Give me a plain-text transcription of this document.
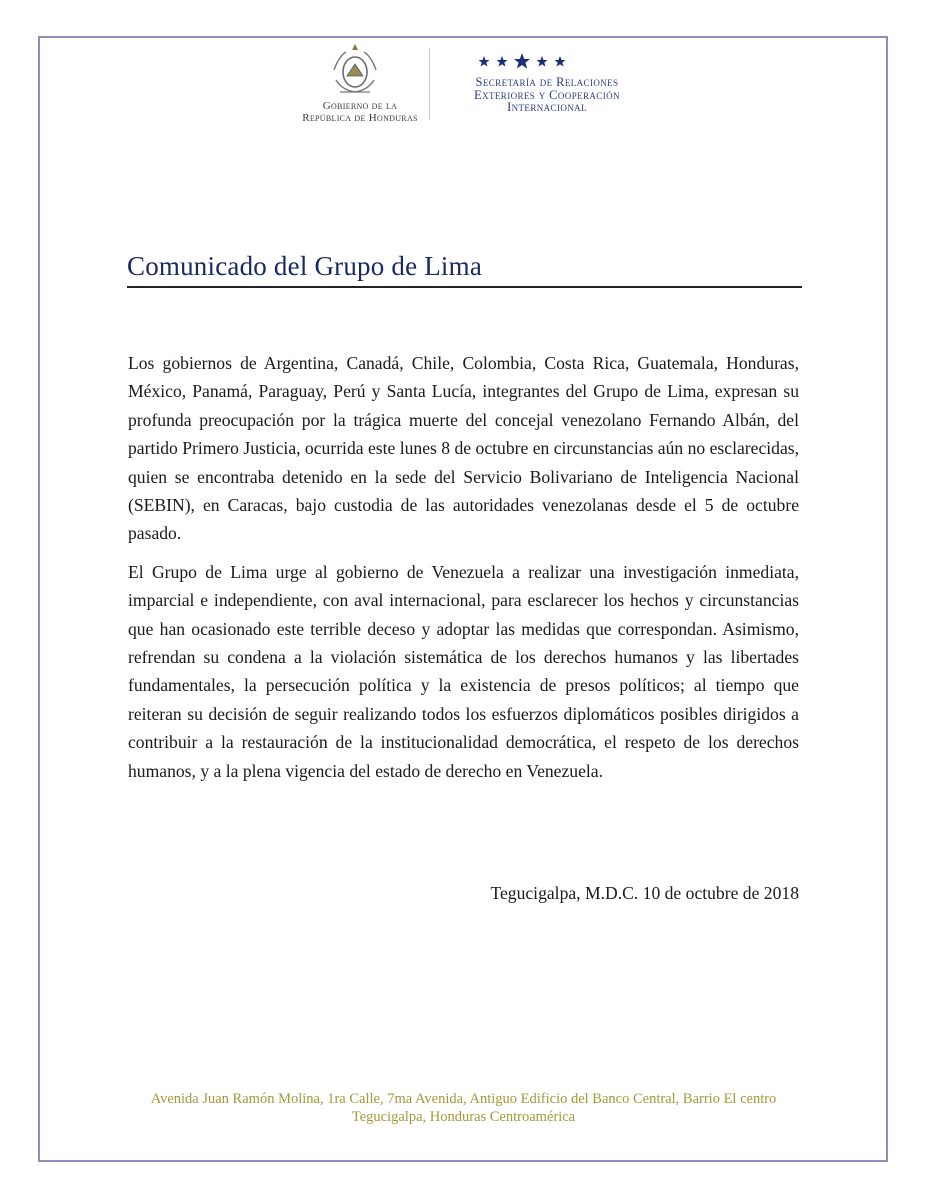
Gobierno de la
República de Honduras
Secretaría de Relaciones
Exteriores y Cooperación
Internacional
Comunicado del Grupo de Lima

Los gobiernos de Argentina, Canadá, Chile, Colombia, Costa Rica, Guatemala, Honduras, México, Panamá, Paraguay, Perú y Santa Lucía, integrantes del Grupo de Lima, expresan su profunda preocupación por la trágica muerte del concejal venezolano Fernando Albán, del partido Primero Justicia, ocurrida este lunes 8 de octubre en circunstancias aún no esclarecidas, quien se encontraba detenido en la sede del Servicio Bolivariano de Inteligencia Nacional (SEBIN), en Caracas, bajo custodia de las autoridades venezolanas desde el 5 de octubre pasado.

El Grupo de Lima urge al gobierno de Venezuela a realizar una investigación inmediata, imparcial e independiente, con aval internacional, para esclarecer los hechos y circunstancias que han ocasionado este terrible deceso y adoptar las medidas que correspondan. Asimismo, refrendan su condena a la violación sistemática de los derechos humanos y las libertades fundamentales, la persecución política y la existencia de presos políticos; al tiempo que reiteran su decisión de seguir realizando todos los esfuerzos diplomáticos posibles dirigidos a contribuir a la restauración de la institucionalidad democrática, el respeto de los derechos humanos, y a la plena vigencia del estado de derecho en Venezuela.

Tegucigalpa, M.D.C. 10 de octubre de 2018
Avenida Juan Ramón Molina, 1ra Calle, 7ma Avenida, Antiguo Edificio del Banco Central, Barrio El centro
Tegucigalpa, Honduras Centroamérica
